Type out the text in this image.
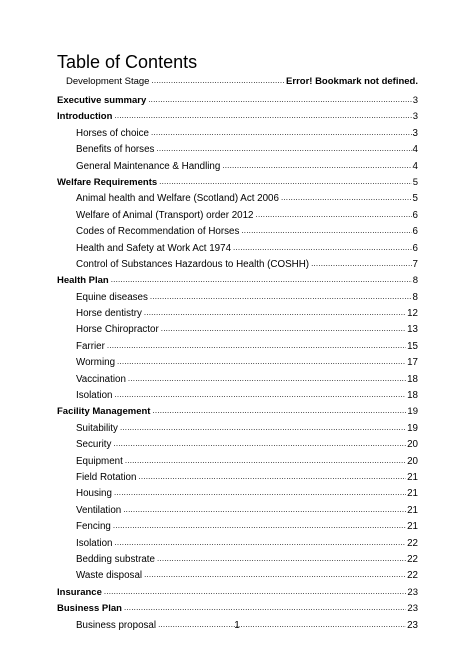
Table of Contents
Development Stage .....	Error! Bookmark not defined.
Executive summary .....	3
Introduction .....	3
Horses of choice .....	3
Benefits of horses .....	4
General Maintenance & Handling .....	4
Welfare Requirements .....	5
Animal health and Welfare (Scotland) Act 2006 .....	5
Welfare of Animal (Transport) order 2012 .....	6
Codes of Recommendation of Horses .....	6
Health and Safety at Work Act 1974 .....	6
Control of Substances Hazardous to Health (COSHH) .....	7
Health Plan .....	8
Equine diseases .....	8
Horse dentistry .....	12
Horse Chiropractor .....	13
Farrier .....	15
Worming .....	17
Vaccination .....	18
Isolation .....	18
Facility Management .....	19
Suitability .....	19
Security .....	20
Equipment .....	20
Field Rotation .....	21
Housing .....	21
Ventilation .....	21
Fencing .....	21
Isolation .....	22
Bedding substrate .....	22
Waste disposal .....	22
Insurance .....	23
Business Plan .....	23
Business proposal .....	23
1
